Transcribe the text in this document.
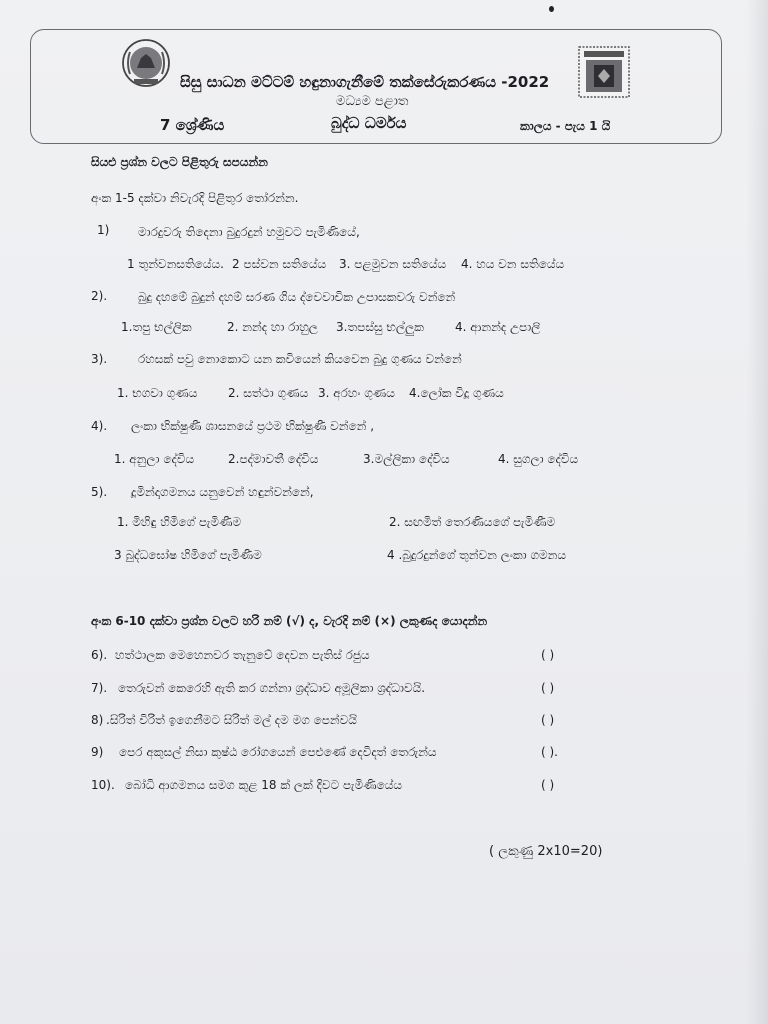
සිසු සාධන මට්ටම් හඳුනාගැනීමේ තක්සේරුකරණය -2022
මධ්‍යම පළාත
7 ශ්‍රේණිය	බුද්ධ ධර්මය	කාලය - පැය 1 යි
සියළු ප්‍රශ්න වලට පිළිතුරු සපයන්න
අංක 1-5 දක්වා නිවැරදි පිළිතුර තෝරන්න.
1) මාරදුවරු තිදෙනා බුදුරදුන් හමුවට පැමිණියේ,
1 තුන්වනසතියේය. 2 පස්වන සතියේය 3. පළමුවන සතියේය 4. හය වන සතියේය
2).	බුදු දහමේ බුදුන් දහම් සරණ ගිය ද්වෙවාචික උපාසකවරු වන්නේ
1.තපු භල්ලික	2. නන්ද හා රාහුල 3.තපස්සු භල්ලුක	4. ආනන්ද උපාලි
3).	රහසක් පවු නොකොට යන කවියෙන් කියවෙන බුදු ගුණය වන්නේ
1. භගවා ගුණය	2. සත්ථා ගුණය 3. අරහං ගුණය 4.ලෝක විදූ ගුණය
4). ලංකා භික්ෂුණී ශාසනයේ ප්‍රථම භික්ෂුණී වන්නේ ,
1. අනුලා දේවිය	2.පද්මාවතී දේවිය	3.මල්ලිකා දේවිය	4. සුගලා දේවිය
5). දූමින්දාගමනය යනුවෙන් හඳුන්වන්නේ,
1. මිහිඳු හිමිගේ පැමිණීම	2. සඟමිත් තෙරණියගේ පැමිණීම
3 බුද්ධඝෝෂ හිමිගේ පැමිණීම	4 .බුදුරදුන්ගේ තුන්වන ලංකා ගමනය
අංක 6-10 දක්වා ප්‍රශ්න වලට හරි නම් (√) ද, වැරදි නම් (×) ලකුණද යොදන්න
6). හත්ථාලක මෙහෙනවර තැනුවේ දෙවන පැතිස් රජුය	( )
7). තෙරුවන් කෙරෙහි ඇති කර ගන්නා ශ්‍රද්ධාව අමූලිකා ශ්‍රද්ධාවයි.	( )
8) .සිරිත් විරිත් ඉගෙනීමට සිරිත් මල් දම මග පෙන්වයි	( )
9) පෙර අකුසල් නිසා කුෂ්ඨ රෝගයෙන් පෙළුණේ දෙවිදත් තෙරුන්ය	( ).
10). බෝධි ආගමනය සමග කුළ 18 ක් ලක් දිවට පැමිණියේය	( )
( ලකුණු 2x10=20)
